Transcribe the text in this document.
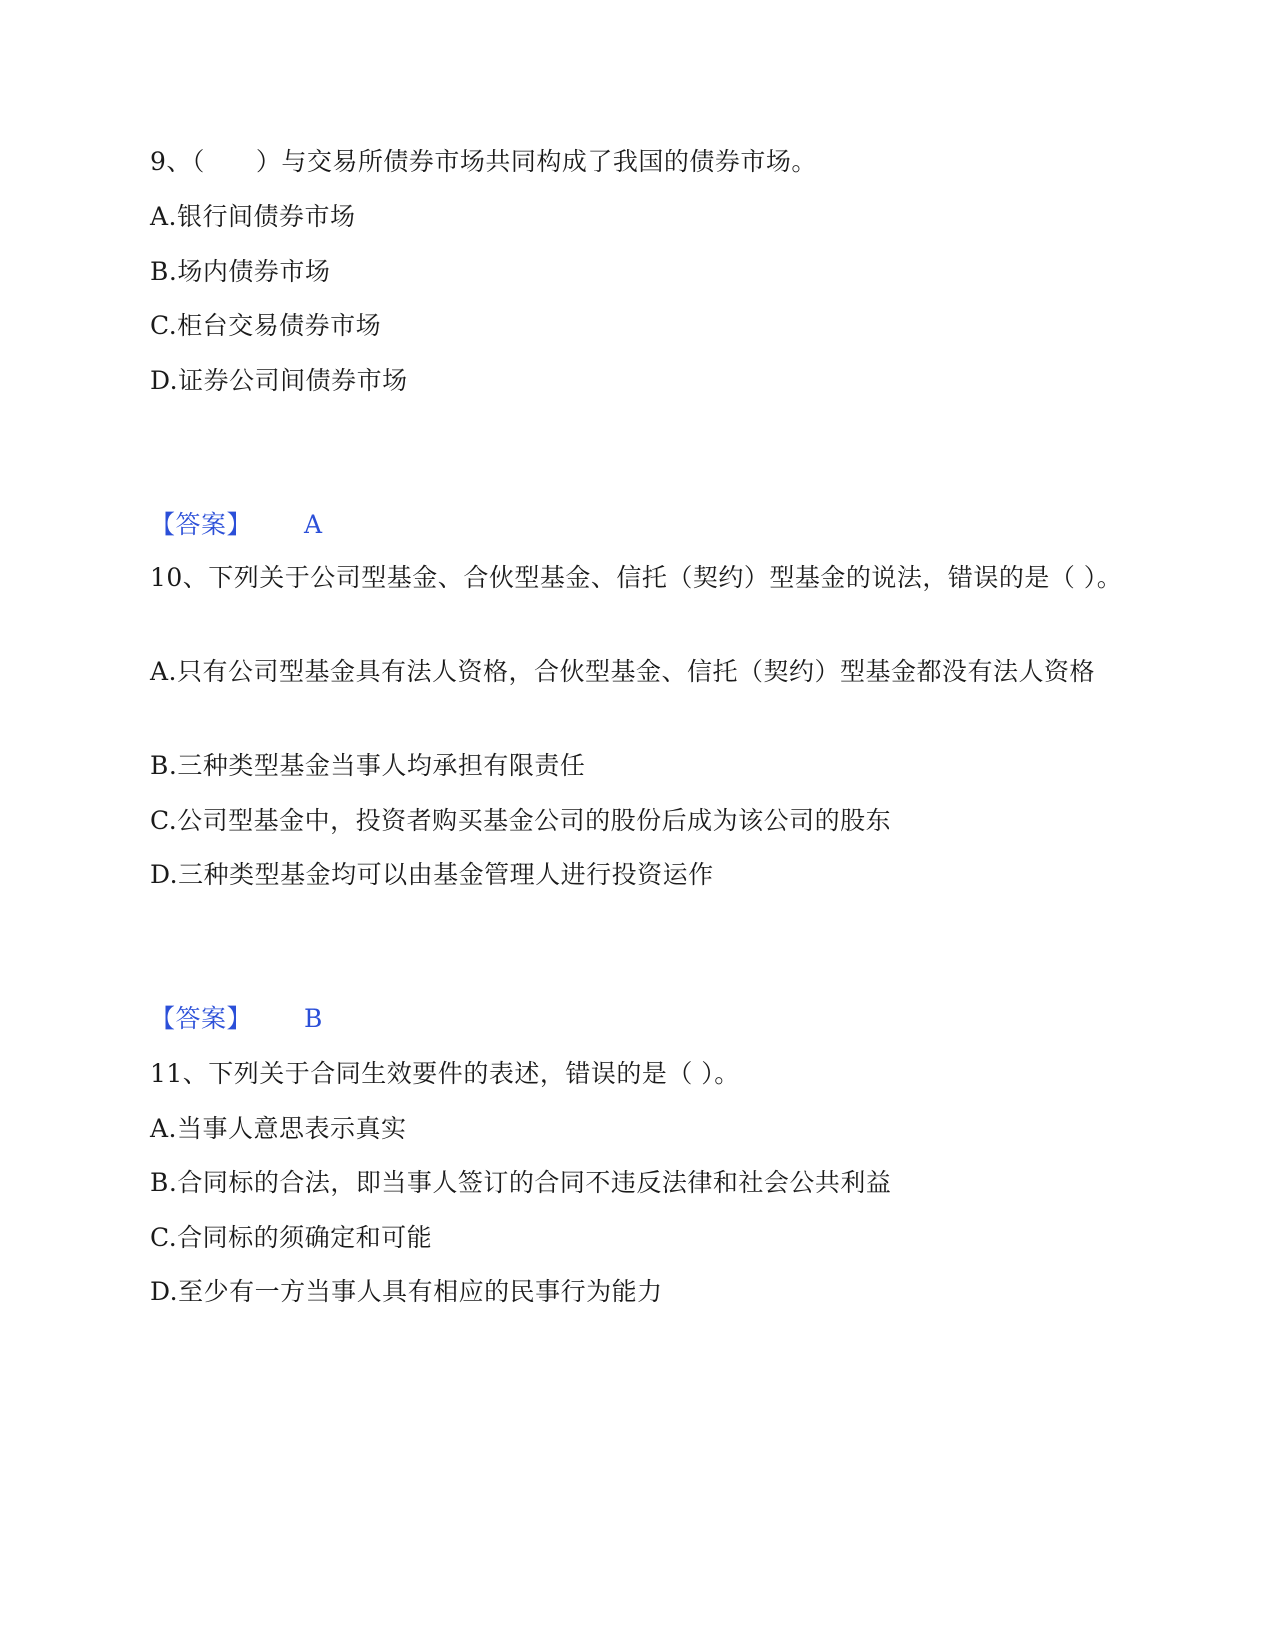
9、（　　）与交易所债券市场共同构成了我国的债券市场。
A.银行间债券市场
B.场内债券市场
C.柜台交易债券市场
D.证券公司间债券市场
【答案】 A
10、下列关于公司型基金、合伙型基金、信托（契约）型基金的说法，错误的是（ ）。
A.只有公司型基金具有法人资格，合伙型基金、信托（契约）型基金都没有法人资格
B.三种类型基金当事人均承担有限责任
C.公司型基金中，投资者购买基金公司的股份后成为该公司的股东
D.三种类型基金均可以由基金管理人进行投资运作
【答案】 B
11、下列关于合同生效要件的表述，错误的是（ ）。
A.当事人意思表示真实
B.合同标的合法，即当事人签订的合同不违反法律和社会公共利益
C.合同标的须确定和可能
D.至少有一方当事人具有相应的民事行为能力
